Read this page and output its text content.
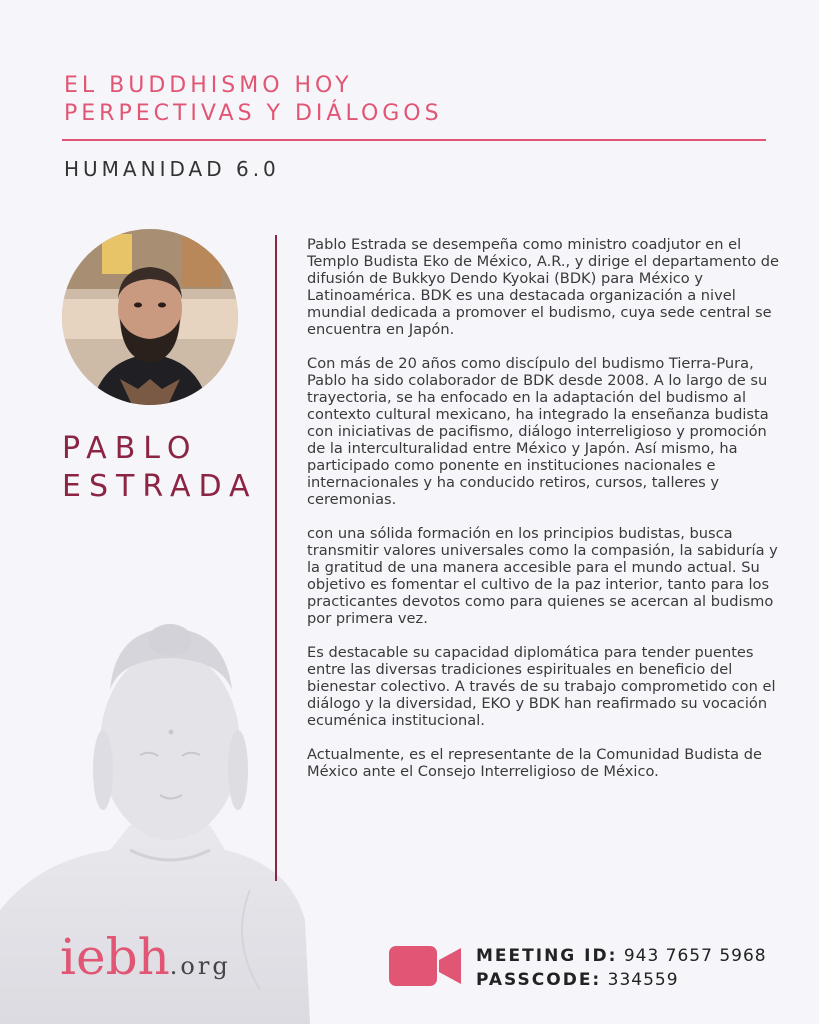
EL BUDDHISMO HOY
PERPECTIVAS Y DIÁLOGOS
HUMANIDAD 6.0
PABLO
ESTRADA

Pablo Estrada se desempeña como ministro coadjutor en el Templo Budista Eko de México, A.R., y dirige el departamento de difusión de Bukkyo Dendo Kyokai (BDK) para México y Latinoamérica. BDK es una destacada organización a nivel mundial dedicada a promover el budismo, cuya sede central se encuentra en Japón.

Con más de 20 años como discípulo del budismo Tierra-Pura, Pablo ha sido colaborador de BDK desde 2008. A lo largo de su trayectoria, se ha enfocado en la adaptación del budismo al contexto cultural mexicano, ha integrado la enseñanza budista con iniciativas de pacifismo, diálogo interreligioso y promoción de la interculturalidad entre México y Japón. Así mismo, ha participado como ponente en instituciones nacionales e internacionales y ha conducido retiros, cursos, talleres y ceremonias.

con una sólida formación en los principios budistas, busca transmitir valores universales como la compasión, la sabiduría y la gratitud de una manera accesible para el mundo actual. Su objetivo es fomentar el cultivo de la paz interior, tanto para los practicantes devotos como para quienes se acercan al budismo por primera vez.

Es destacable su capacidad diplomática para tender puentes entre las diversas tradiciones espirituales en beneficio del bienestar colectivo. A través de su trabajo comprometido con el diálogo y la diversidad, EKO y BDK han reafirmado su vocación ecuménica institucional.

Actualmente, es el representante de la Comunidad Budista de México ante el Consejo Interreligioso de México.

iebh.org	MEETING ID: 943 7657 5968
PASSCODE: 334559
